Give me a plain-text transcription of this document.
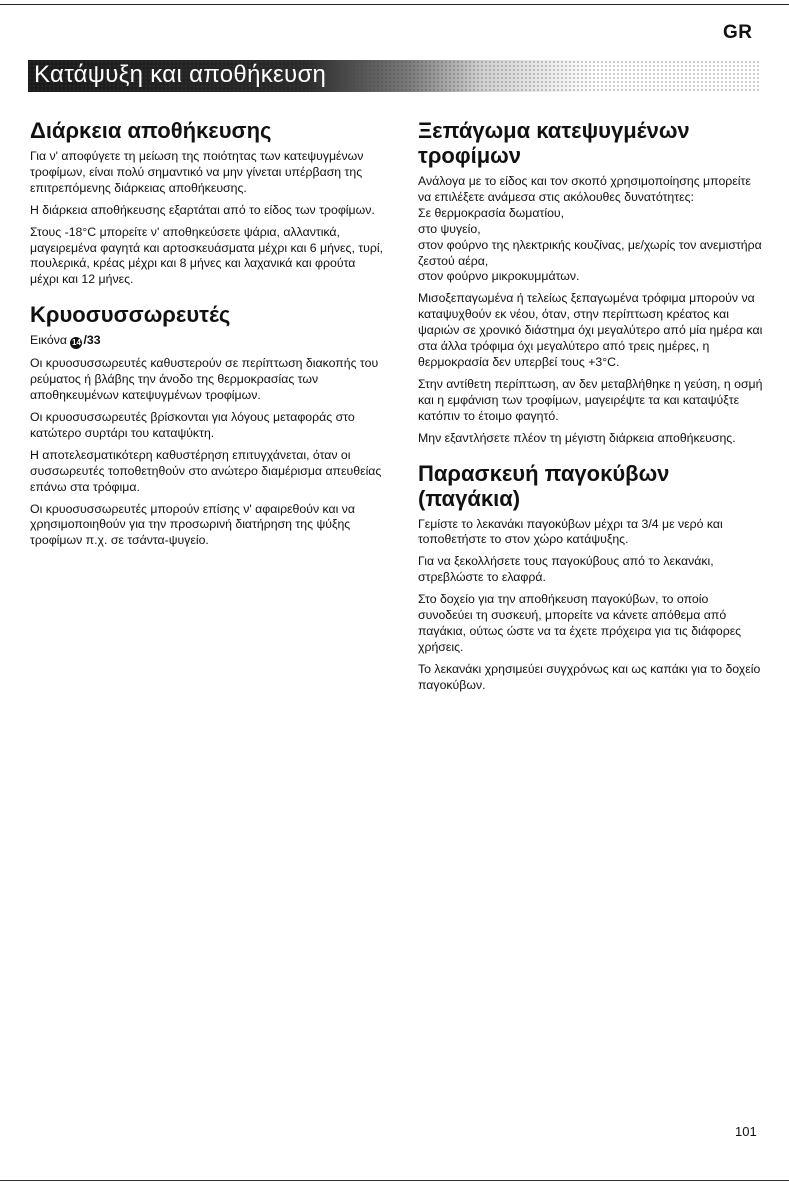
GR
Κατάψυξη και αποθήκευση
Διάρκεια αποθήκευσης

Για ν' αποφύγετε τη μείωση της ποιότητας των κατεψυγμένων τροφίμων, είναι πολύ σημαντικό να μην γίνεται υπέρβαση της επιτρεπόμενης διάρκειας αποθήκευσης.

Η διάρκεια αποθήκευσης εξαρτάται από το είδος των τροφίμων.

Στους -18°C μπορείτε ν' αποθηκεύσετε ψάρια, αλλαντικά, μαγειρεμένα φαγητά και αρτοσκευάσματα μέχρι και 6 μήνες, τυρί, πουλερικά, κρέας μέχρι και 8 μήνες και λαχανικά και φρούτα μέχρι και 12 μήνες.

Κρυοσυσσωρευτές

Εικόνα 14 /33

Οι κρυοσυσσωρευτές καθυστερούν σε περίπτωση διακοπής του ρεύματος ή βλάβης την άνοδο της θερμοκρασίας των αποθηκευμένων κατεψυγμένων τροφίμων.

Οι κρυοσυσσωρευτές βρίσκονται για λόγους μεταφοράς στο κατώτερο συρτάρι του καταψύκτη.

Η αποτελεσματικότερη καθυστέρηση επιτυγχάνεται, όταν οι συσσωρευτές τοποθετηθούν στο ανώτερο διαμέρισμα απευθείας επάνω στα τρόφιμα.

Οι κρυοσυσσωρευτές μπορούν επίσης ν' αφαιρεθούν και να χρησιμοποιηθούν για την προσωρινή διατήρηση της ψύξης τροφίμων π.χ. σε τσάντα-ψυγείο.

Ξεπάγωμα κατεψυγμένων τροφίμων

Ανάλογα με το είδος και τον σκοπό χρησιμοποίησης μπορείτε να επιλέξετε ανάμεσα στις ακόλουθες δυνατότητες:
Σε θερμοκρασία δωματίου,
στο ψυγείο,
στον φούρνο της ηλεκτρικής κουζίνας, με/χωρίς τον ανεμιστήρα ζεστού αέρα,
στον φούρνο μικροκυμμάτων.

Μισοξεπαγωμένα ή τελείως ξεπαγωμένα τρόφιμα μπορούν να καταψυχθούν εκ νέου, όταν, στην περίπτωση κρέατος και ψαριών σε χρονικό διάστημα όχι μεγαλύτερο από μία ημέρα και στα άλλα τρόφιμα όχι μεγαλύτερο από τρεις ημέρες, η θερμοκρασία δεν υπερβεί τους +3°C.

Στην αντίθετη περίπτωση, αν δεν μεταβλήθηκε η γεύση, η οσμή και η εμφάνιση των τροφίμων, μαγειρέψτε τα και καταψύξτε κατόπιν το έτοιμο φαγητό.

Μην εξαντλήσετε πλέον τη μέγιστη διάρκεια αποθήκευσης.

Παρασκευή παγοκύβων (παγάκια)

Γεμίστε το λεκανάκι παγοκύβων μέχρι τα 3/4 με νερό και τοποθετήστε το στον χώρο κατάψυξης.

Για να ξεκολλήσετε τους παγοκύβους από το λεκανάκι, στρεβλώστε το ελαφρά.

Στο δοχείο για την αποθήκευση παγοκύβων, το οποίο συνοδεύει τη συσκευή, μπορείτε να κάνετε απόθεμα από παγάκια, ούτως ώστε να τα έχετε πρόχειρα για τις διάφορες χρήσεις.

Το λεκανάκι χρησιμεύει συγχρόνως και ως καπάκι για το δοχείο παγοκύβων.

101
